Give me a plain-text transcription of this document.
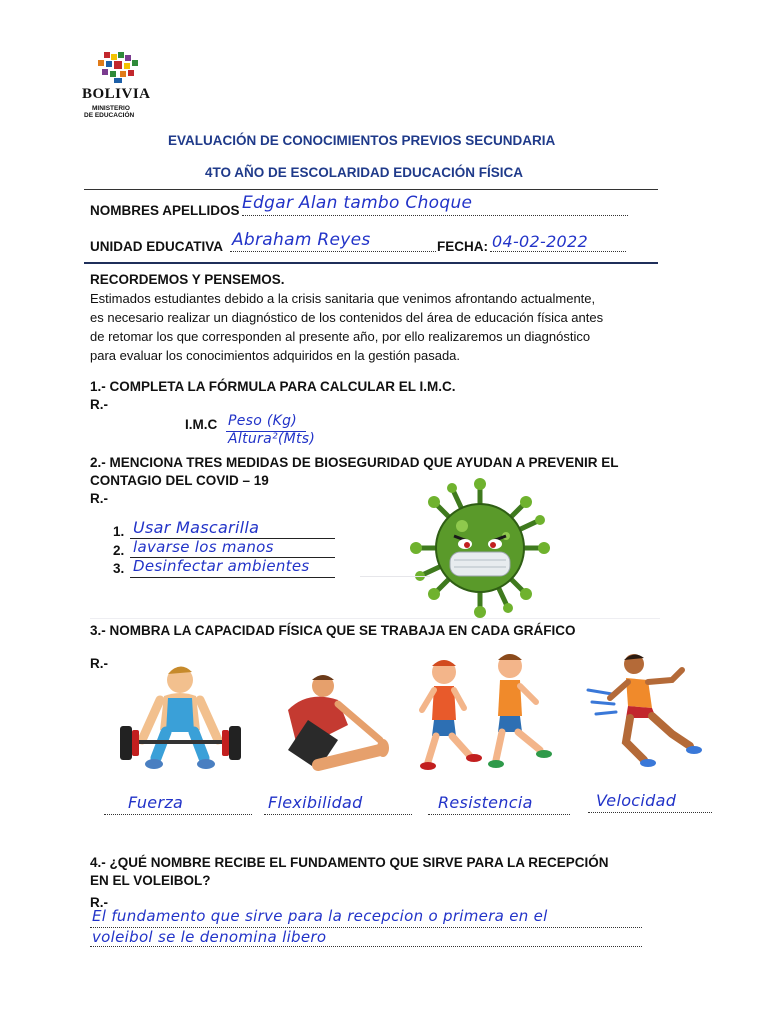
BOLIVIA
MINISTERIO
DE EDUCACIÓN
EVALUACIÓN DE CONOCIMIENTOS PREVIOS SECUNDARIA
4TO AÑO DE ESCOLARIDAD EDUCACIÓN FÍSICA
NOMBRES APELLIDOS Edgar Alan tambo Choque
UNIDAD EDUCATIVA Abraham Reyes	FECHA: 04-02-2022
RECORDEMOS Y PENSEMOS.
Estimados estudiantes debido a la crisis sanitaria que venimos afrontando actualmente,
es necesario realizar un diagnóstico de los contenidos del área de educación física antes
de retomar los que corresponden al presente año, por ello realizaremos un diagnóstico
para evaluar los conocimientos adquiridos en la gestión pasada.
1.- COMPLETA LA FÓRMULA PARA CALCULAR EL I.M.C.
R.-
I.M.C Peso (Kg)
Altura²(Mts)
2.- MENCIONA TRES MEDIDAS DE BIOSEGURIDAD QUE AYUDAN A PREVENIR EL
CONTAGIO DEL COVID – 19
R.-
1. Usar Mascarilla
2. lavarse los manos
3. Desinfectar ambientes
3.- NOMBRA LA CAPACIDAD FÍSICA QUE SE TRABAJA EN CADA GRÁFICO
R.-
Fuerza	Flexibilidad	Resistencia	Velocidad
4.- ¿QUÉ NOMBRE RECIBE EL FUNDAMENTO QUE SIRVE PARA LA RECEPCIÓN
EN EL VOLEIBOL?
R.-
El fundamento que sirve para la recepcion o primera en el
voleibol se le denomina libero
